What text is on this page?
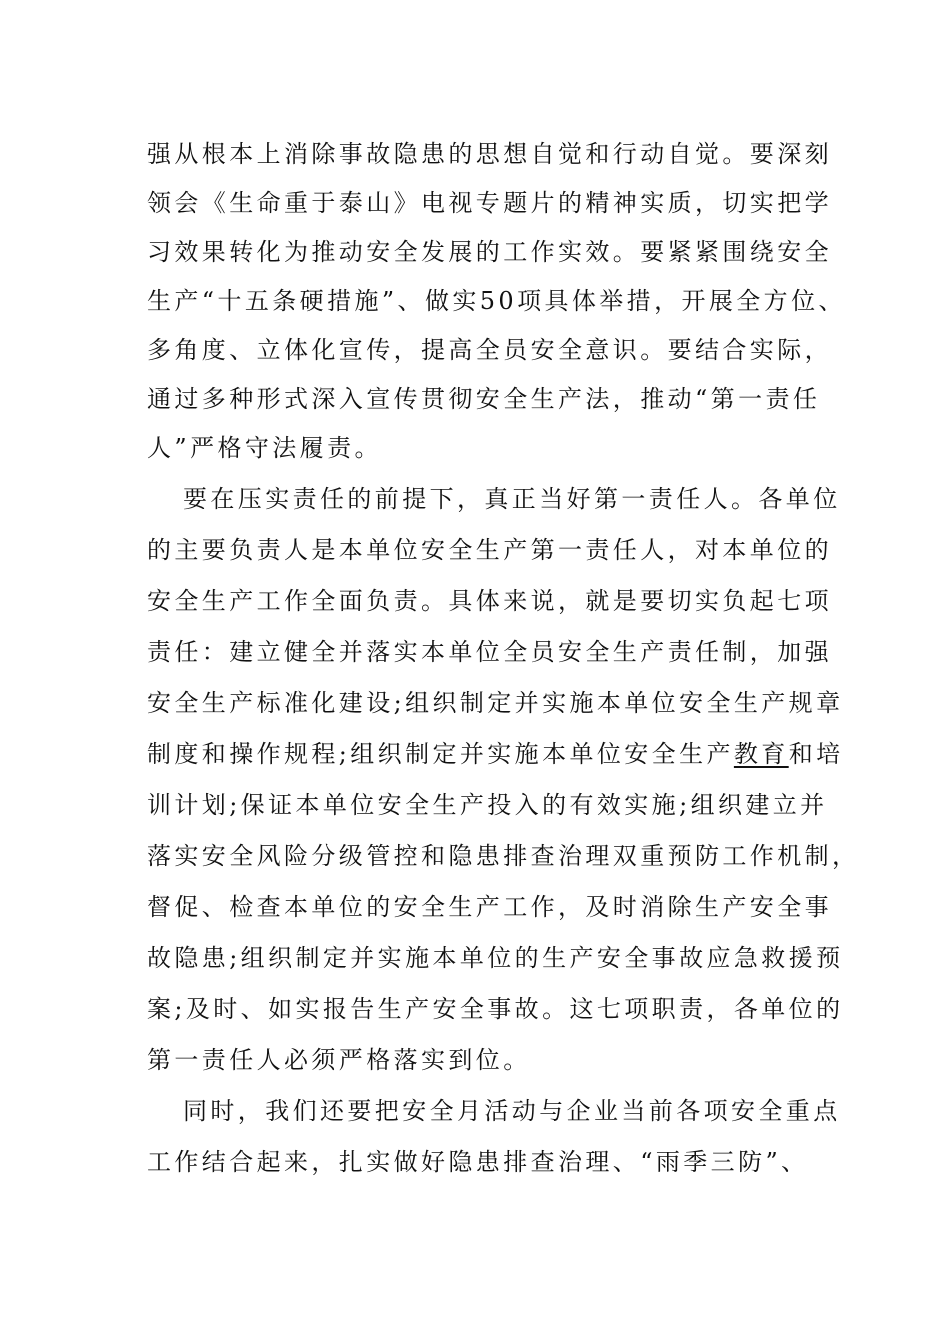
强从根本上消除事故隐患的思想自觉和行动自觉。要深刻
领会《生命重于泰山》电视专题片的精神实质，切实把学
习效果转化为推动安全发展的工作实效。要紧紧围绕安全
生产“十五条硬措施”、做实50项具体举措，开展全方位、
多角度、立体化宣传，提高全员安全意识。要结合实际，
通过多种形式深入宣传贯彻安全生产法，推动“第一责任
人”严格守法履责。
要在压实责任的前提下，真正当好第一责任人。各单位
的主要负责人是本单位安全生产第一责任人，对本单位的
安全生产工作全面负责。具体来说，就是要切实负起七项
责任：建立健全并落实本单位全员安全生产责任制，加强
安全生产标准化建设;组织制定并实施本单位安全生产规章
制度和操作规程;组织制定并实施本单位安全生产教育和培
训计划;保证本单位安全生产投入的有效实施;组织建立并
落实安全风险分级管控和隐患排查治理双重预防工作机制，
督促、检查本单位的安全生产工作，及时消除生产安全事
故隐患;组织制定并实施本单位的生产安全事故应急救援预
案;及时、如实报告生产安全事故。这七项职责，各单位的
第一责任人必须严格落实到位。
同时，我们还要把安全月活动与企业当前各项安全重点
工作结合起来，扎实做好隐患排查治理、“雨季三防”、
